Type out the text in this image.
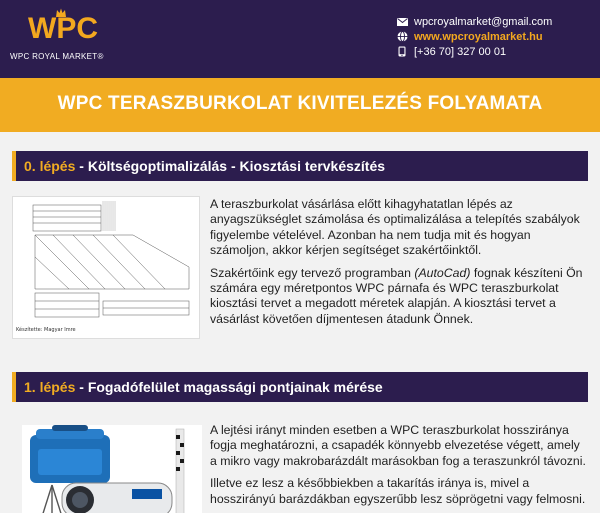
WPC
WPC ROYAL MARKET®
wpcroyalmarket@gmail.com
www.wpcroyalmarket.hu
[+36 70] 327 00 01
WPC TERASZBURKOLAT KIVITELEZÉS FOLYAMATA
0. lépés - Költségoptimalizálás - Kiosztási tervkészítés
Készítette: Magyar Imre

A teraszburkolat vásárlása előtt kihagyhatatlan lépés az anyagszükséglet számolása és optimalizálása a telepítés szabályok figyelembe vételével. Azonban ha nem tudja mit és hogyan számoljon, akkor kérjen segítséget szakértőinktől.

Szakértőink egy tervező programban (AutoCad) fognak készíteni Ön számára egy méretpontos WPC párnafa és WPC teraszburkolat kiosztási tervet a megadott méretek alapján. A kiosztási tervet a vásárlást követően díjmentesen átadunk Önnek.

1. lépés - Fogadófelület magassági pontjainak mérése

A lejtési irányt minden esetben a WPC teraszburkolat hossziránya fogja meghatározni, a csapadék könnyebb elvezetése végett, amely a mikro vagy makrobarázdált marásokban fog a teraszunkról távozni.

Illetve ez lesz a későbbiekben a takarítás iránya is, mivel a hosszirányú barázdákban egyszerűbb lesz söprögetni vagy felmosni.
